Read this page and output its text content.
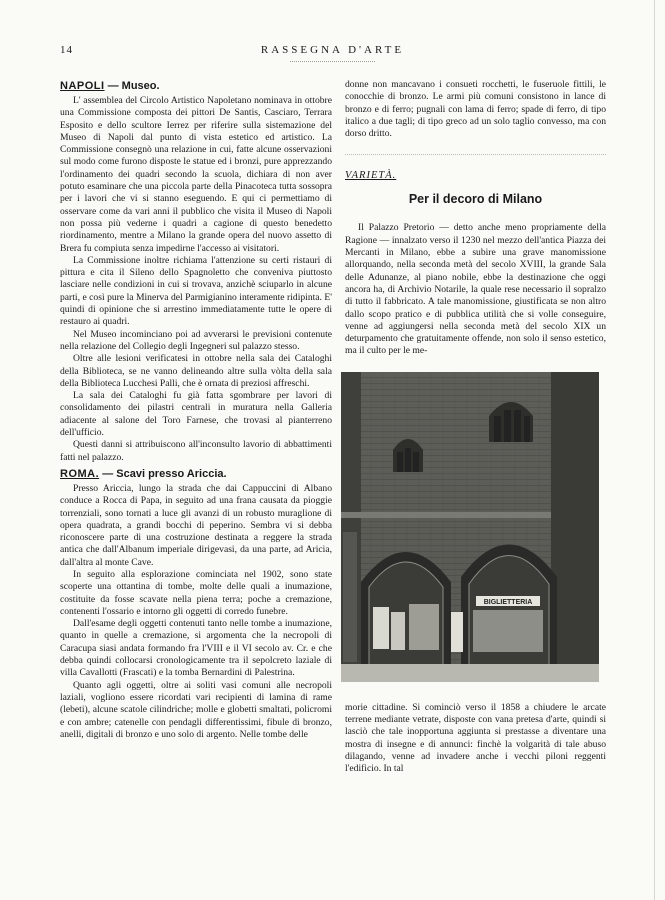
14	RASSEGNA D'ARTE
NAPOLI — Museo.

L' assemblea del Circolo Artistico Napoletano nominava in ottobre una Commissione composta dei pittori De Santis, Casciaro, Terrara Esposito e dello scultore Ierrez per riferire sulla sistemazione del Museo di Napoli dal punto di vista estetico ed artistico. La Commissione consegnò una relazione in cui, fatte alcune osservazioni sul modo come furono disposte le statue ed i bronzi, pure apprezzando l'ordinamento dei quadri secondo la scuola, dichiara di non aver potuto esaminare che una piccola parte della Pinacoteca tutta sossopra per i lavori che vi si stanno eseguendo. E qui ci permettiamo di osservare come da vari anni il pubblico che visita il Museo di Napoli non possa più vederne i quadri a cagione di questo benedetto riordinamento, mentre a Milano la grande opera del nuovo assetto di Brera fu compiuta senza impedirne l'accesso ai visitatori.

La Commissione inoltre richiama l'attenzione su certi ristauri di pittura e cita il Sileno dello Spagnoletto che conveniva piuttosto lasciare nelle condizioni in cui si trovava, anzichè sciuparlo in alcune parti, e così pure la Minerva del Parmigianino interamente ridipinta. E' quindi di opinione che si arrestino immediatamente tutte le opere di restauro ai quadri.

Nel Museo incominciano poi ad avverarsi le previsioni contenute nella relazione del Collegio degli Ingegneri sul palazzo stesso.

Oltre alle lesioni verificatesi in ottobre nella sala dei Cataloghi della Biblioteca, se ne vanno delineando altre sulla vòlta della sala della Biblioteca Lucchesi Palli, che è ornata di preziosi affreschi.

La sala dei Cataloghi fu già fatta sgombrare per lavori di consolidamento dei pilastri centrali in muratura nella Galleria adiacente al salone del Toro Farnese, che trovasi al pianterreno dell'ufficio.

Questi danni si attribuiscono all'inconsulto lavorio di abbattimenti fatti nel palazzo.

ROMA. — Scavi presso Ariccia.

Presso Ariccia, lungo la strada che dai Cappuccini di Albano conduce a Rocca di Papa, in seguito ad una frana causata da pioggie torrenziali, sono tornati a luce gli avanzi di un robusto muraglione di opera quadrata, a grandi bocchi di peperino. Sembra vi si debba riconoscere parte di una costruzione destinata a reggere la strada antica che dall'Albanum imperiale dirigevasi, da una parte, ad Aricia, dall'altra al monte Cave.

In seguito alla esplorazione cominciata nel 1902, sono state scoperte una ottantina di tombe, molte delle quali a inumazione, costituite da fosse scavate nella piena terra; poche a cremazione, contenenti l'ossario e intorno gli oggetti di corredo funebre.

Dall'esame degli oggetti contenuti tanto nelle tombe a inumazione, quanto in quelle a cremazione, si argomenta che la necropoli di Caracupa siasi andata formando fra l'VIII e il VI secolo av. Cr. e che debba quindi collocarsi cronologicamente tra il sepolcreto laziale di villa Cavallotti (Frascati) e la tomba Bernardini di Palestrina.

Quanto agli oggetti, oltre ai soliti vasi comuni alle necropoli laziali, vogliono essere ricordati vari recipienti di lamina di rame (lebeti), alcune scatole cilindriche; molle e globetti smaltati, policromi e con ambre; catenelle con pendagli differentissimi, fibule di bronzo, anelli, digitali di bronzo e uno solo di argento. Nelle tombe delle

donne non mancavano i consueti rocchetti, le fuseruole fittili, le conocchie di bronzo. Le armi più comuni consistono in lance di bronzo e di ferro; pugnali con lama di ferro; spade di ferro, di tipo italico a due tagli; di tipo greco ad un solo taglio convesso, ma con dorso dritto.

VARIETÀ.
Per il decoro di Milano

Il Palazzo Pretorio — detto anche meno propriamente della Ragione — innalzato verso il 1230 nel mezzo dell'antica Piazza dei Mercanti in Milano, ebbe a subire una grave manomissione allorquando, nella seconda metà del secolo XVIII, la grande Sala delle Adunanze, al piano nobile, ebbe la destinazione che oggi ancora ha, di Archivio Notarile, la quale rese necessario il sopralzo di tutto il fabbricato. A tale manomissione, giustificata se non altro dallo scopo pratico e di pubblica utilità che si volle conseguire, venne ad aggiungersi nella seconda metà del secolo XIX un deturpamento che gratuitamente offende, non solo il senso estetico, ma il culto per le me-

BIGLIETTERIA

morie cittadine. Si cominciò verso il 1858 a chiudere le arcate terrene mediante vetrate, disposte con vana pretesa d'arte, quindi si lasciò che tale inopportuna aggiunta si prestasse a diventare una mostra di insegne e di annunci: finchè la volgarità di tale abuso dilagando, venne ad invadere anche i vecchi piloni reggenti l'edificio. In tal
